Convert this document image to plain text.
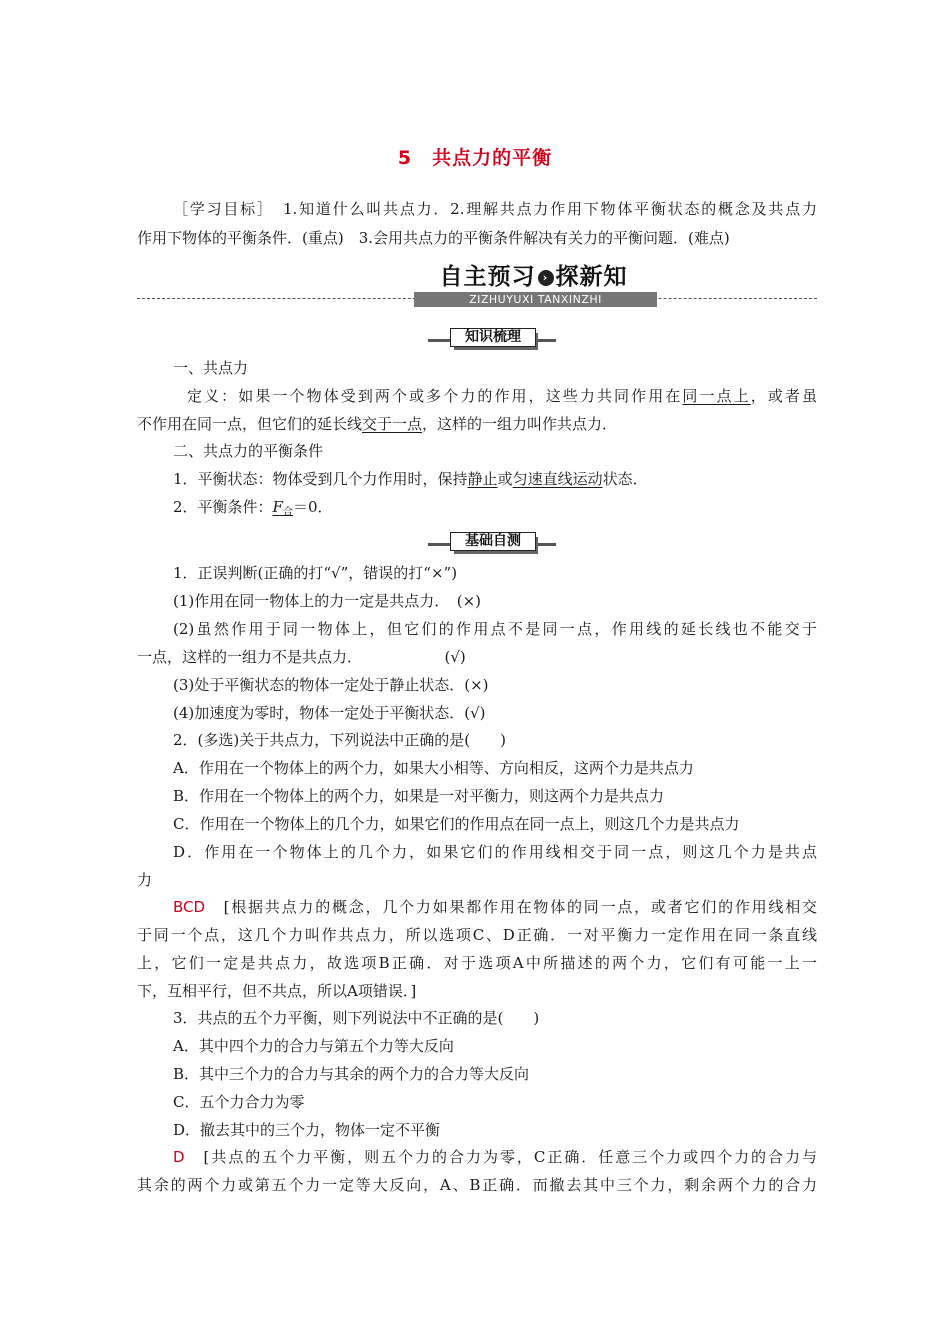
5　共点力的平衡
［学习目标］　1.知道什么叫共点力．2.理解共点力作用下物体平衡状态的概念及共点力
作用下物体的平衡条件．(重点)　3.会用共点力的平衡条件解决有关力的平衡问题．(难点)
自主预习 › 探新知
ZIZHUYUXI TANXINZHI
知识梳理
一、共点力
定义：如果一个物体受到两个或多个力的作用，这些力共同作用在同一点上，或者虽
不作用在同一点，但它们的延长线交于一点，这样的一组力叫作共点力．
二、共点力的平衡条件
1．平衡状态：物体受到几个力作用时，保持静止或匀速直线运动状态．
2．平衡条件：$F_合=0$．
基础自测
1．正误判断(正确的打“√”，错误的打“×”)
(1)作用在同一物体上的力一定是共点力．　(×)
(2)虽然作用于同一物体上，但它们的作用点不是同一点，作用线的延长线也不能交于
一点，这样的一组力不是共点力．　　　　　　(√)
(3)处于平衡状态的物体一定处于静止状态．(×)
(4)加速度为零时，物体一定处于平衡状态．(√)
2．(多选)关于共点力，下列说法中正确的是(　　)
A．作用在一个物体上的两个力，如果大小相等、方向相反，这两个力是共点力
B．作用在一个物体上的两个力，如果是一对平衡力，则这两个力是共点力
C．作用在一个物体上的几个力，如果它们的作用点在同一点上，则这几个力是共点力
D．作用在一个物体上的几个力，如果它们的作用线相交于同一点，则这几个力是共点
力
BCD　[根据共点力的概念，几个力如果都作用在物体的同一点，或者它们的作用线相交
于同一个点，这几个力叫作共点力，所以选项C、D正确．一对平衡力一定作用在同一条直线
上，它们一定是共点力，故选项B正确．对于选项A中所描述的两个力，它们有可能一上一
下，互相平行，但不共点，所以A项错误．]
3．共点的五个力平衡，则下列说法中不正确的是(　　)
A．其中四个力的合力与第五个力等大反向
B．其中三个力的合力与其余的两个力的合力等大反向
C．五个力合力为零
D．撤去其中的三个力，物体一定不平衡
D　[共点的五个力平衡，则五个力的合力为零，C正确．任意三个力或四个力的合力与
其余的两个力或第五个力一定等大反向，A、B正确．而撤去其中三个力，剩余两个力的合力
